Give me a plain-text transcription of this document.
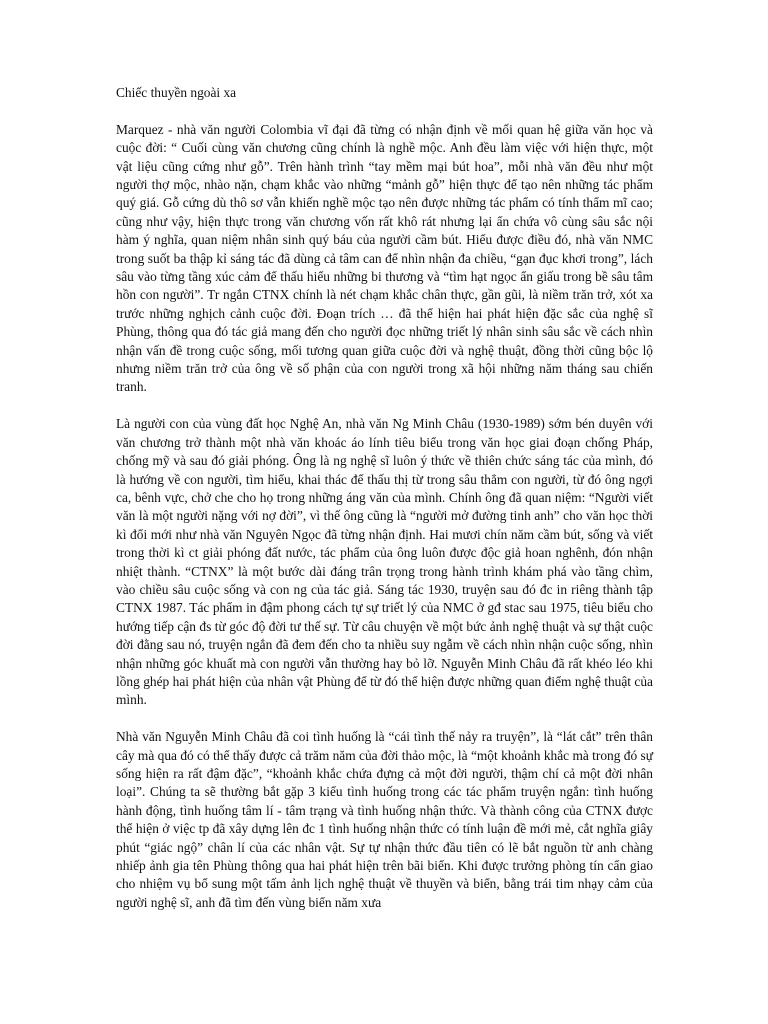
Chiếc thuyền ngoài xa

Marquez - nhà văn người Colombia vĩ đại đã từng có nhận định về mối quan hệ giữa văn học và cuộc đời: “ Cuối cùng văn chương cũng chính là nghề mộc. Anh đều làm việc với hiện thực, một vật liệu cũng cứng như gỗ”. Trên hành trình “tay mềm mại bút hoa”, mỗi nhà văn đều như một người thợ mộc, nhào nặn, chạm khắc vào những “mảnh gỗ” hiện thực để tạo nên những tác phẩm quý giá. Gỗ cứng dù thô sơ vẫn khiến nghề mộc tạo nên được những tác phẩm có tính thẩm mĩ cao; cũng như vậy, hiện thực trong văn chương vốn rất khô rát nhưng lại ẩn chứa vô cùng sâu sắc nội hàm ý nghĩa, quan niệm nhân sinh quý báu của người cầm bút. Hiểu được điều đó, nhà văn NMC trong suốt ba thập kỉ sáng tác đã dùng cả tâm can để nhìn nhận đa chiều, “gạn đục khơi trong”, lách sâu vào từng tầng xúc cảm để thấu hiểu những bi thương và “tìm hạt ngọc ẩn giấu trong bề sâu tâm hồn con người”. Tr ngắn CTNX chính là nét chạm khắc chân thực, gần gũi, là niềm trăn trở, xót xa trước những nghịch cảnh cuộc đời. Đoạn trích … đã thể hiện hai phát hiện đặc sắc của nghệ sĩ Phùng, thông qua đó tác giả mang đến cho người đọc những triết lý nhân sinh sâu sắc về cách nhìn nhận vấn đề trong cuộc sống, mối tương quan giữa cuộc đời và nghệ thuật, đồng thời cũng bộc lộ nhưng niềm trăn trở của ông về số phận của con người trong xã hội những năm tháng sau chiến tranh.

Là người con của vùng đất học Nghệ An, nhà văn Ng Minh Châu (1930-1989) sớm bén duyên với văn chương trở thành một nhà văn khoác áo lính tiêu biểu trong văn học giai đoạn chống Pháp, chống mỹ và sau đó giải phóng. Ông là ng nghệ sĩ luôn ý thức về thiên chức sáng tác của mình, đó là hướng về con người, tìm hiểu, khai thác để thấu thị từ trong sâu thẳm con người, từ đó ông ngợi ca, bênh vực, chở che cho họ trong những áng văn của mình. Chính ông đã quan niệm: “Người viết văn là một người nặng với nợ đời”, vì thế ông cũng là “người mở đường tinh anh” cho văn học thời kì đổi mới như nhà văn Nguyên Ngọc đã từng nhận định. Hai mươi chín năm cầm bút, sống và viết trong thời kì ct giải phóng đất nước, tác phẩm của ông luôn được độc giả hoan nghênh, đón nhận nhiệt thành. “CTNX” là một bước dài đáng trân trọng trong hành trình khám phá vào tầng chìm, vào chiều sâu cuộc sống và con ng của tác giả. Sáng tác 1930, truyện sau đó đc in riêng thành tập CTNX 1987. Tác phẩm in đậm phong cách tự sự triết lý của NMC ở gđ stac sau 1975, tiêu biểu cho hướng tiếp cận đs từ góc độ đời tư thế sự. Từ câu chuyện về một bức ảnh nghệ thuật và sự thật cuộc đời đằng sau nó, truyện ngắn đã đem đến cho ta nhiều suy ngẫm về cách nhìn nhận cuộc sống, nhìn nhận những góc khuất mà con người vẫn thường hay bỏ lỡ. Nguyễn Minh Châu đã rất khéo léo khi lồng ghép hai phát hiện của nhân vật Phùng để từ đó thể hiện được những quan điểm nghệ thuật của mình.

Nhà văn Nguyễn Minh Châu đã coi tình huống là “cái tình thế nảy ra truyện”, là “lát cắt” trên thân cây mà qua đó có thể thấy được cả trăm năm của đời thảo mộc, là “một khoảnh khắc mà trong đó sự sống hiện ra rất đậm đặc”, “khoảnh khắc chứa đựng cả một đời người, thậm chí cả một đời nhân loại”. Chúng ta sẽ thường bắt gặp 3 kiểu tình huống trong các tác phẩm truyện ngắn: tình huống hành động, tình huống tâm lí - tâm trạng và tình huống nhận thức. Và thành công của CTNX được thể hiện ở việc tp đã xây dựng lên đc 1 tình huống nhận thức có tính luận đề mới mẻ, cắt nghĩa giây phút “giác ngộ” chân lí của các nhân vật. Sự tự nhận thức đầu tiên có lẽ bắt nguồn từ anh chàng nhiếp ảnh gia tên Phùng thông qua hai phát hiện trên bãi biển. Khi được trưởng phòng tín cẩn giao cho nhiệm vụ bổ sung một tấm ảnh lịch nghệ thuật về thuyền và biển, bằng trái tim nhạy cảm của người nghệ sĩ, anh đã tìm đến vùng biển năm xưa
